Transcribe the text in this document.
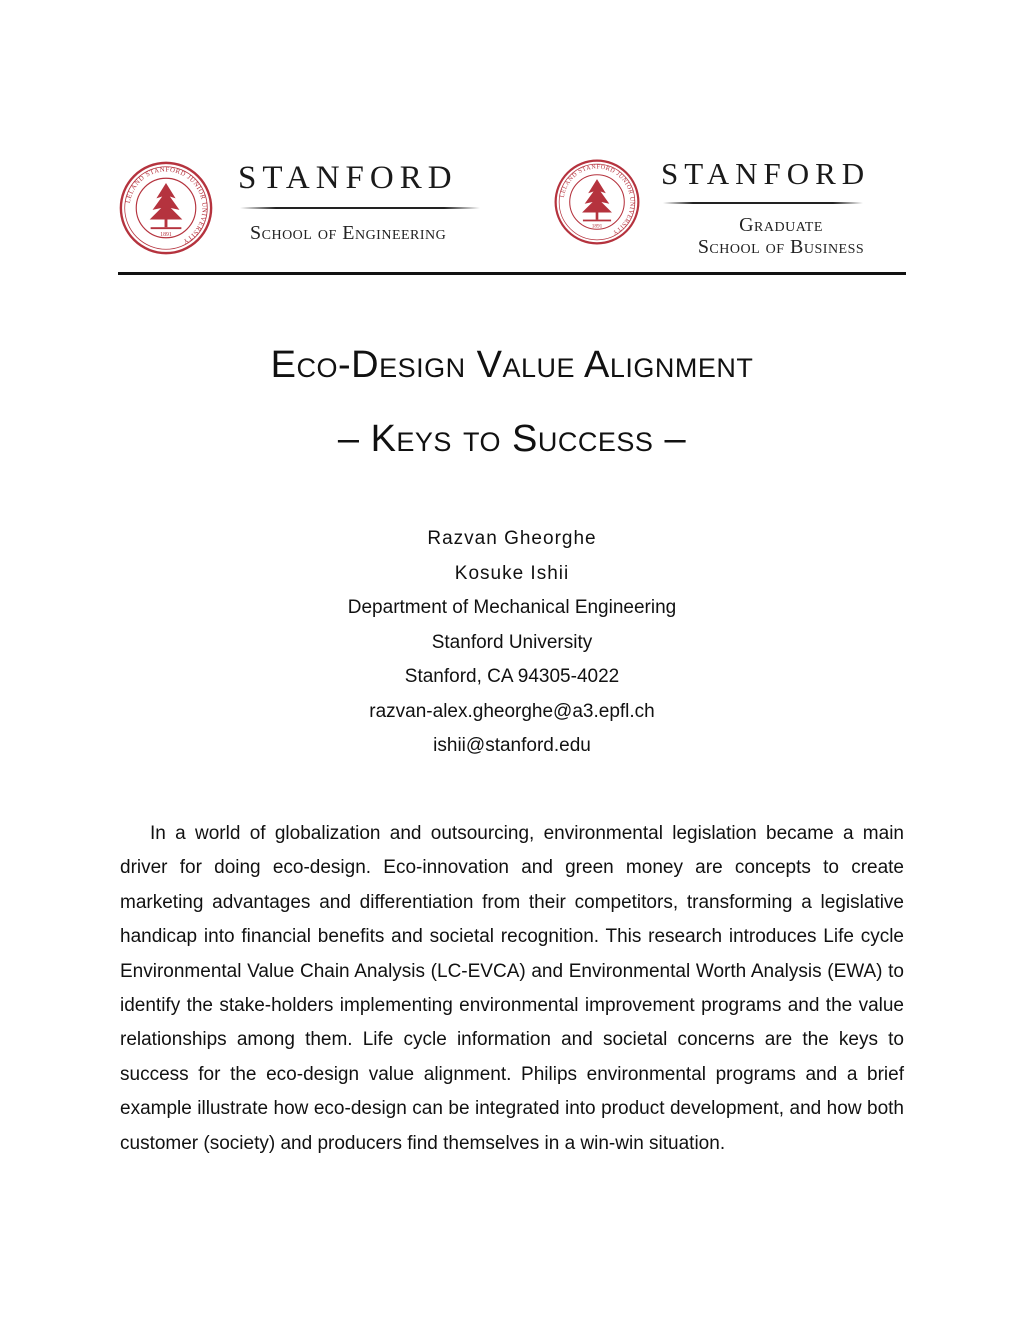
LELAND STANFORD JUNIOR UNIVERSITY
1891
STANFORD
School of Engineering
LELAND STANFORD JUNIOR UNIVERSITY
1891
STANFORD
Graduate
School of Business
Eco-Design Value Alignment
– Keys to Success –
Razvan Gheorghe
Kosuke Ishii
Department of Mechanical Engineering
Stanford University
Stanford, CA 94305-4022
razvan-alex.gheorghe@a3.epfl.ch
ishii@stanford.edu

In a world of globalization and outsourcing, environmental legislation became a main driver for doing eco-design. Eco-innovation and green money are concepts to create marketing advantages and differentiation from their competitors, transforming a legislative handicap into financial benefits and societal recognition. This research introduces Life cycle Environmental Value Chain Analysis (LC-EVCA) and Environmental Worth Analysis (EWA) to identify the stake-holders implementing environmental improvement programs and the value relationships among them. Life cycle information and societal concerns are the keys to success for the eco-design value alignment. Philips environmental programs and a brief example illustrate how eco-design can be integrated into product development, and how both customer (society) and producers find themselves in a win-win situation.
